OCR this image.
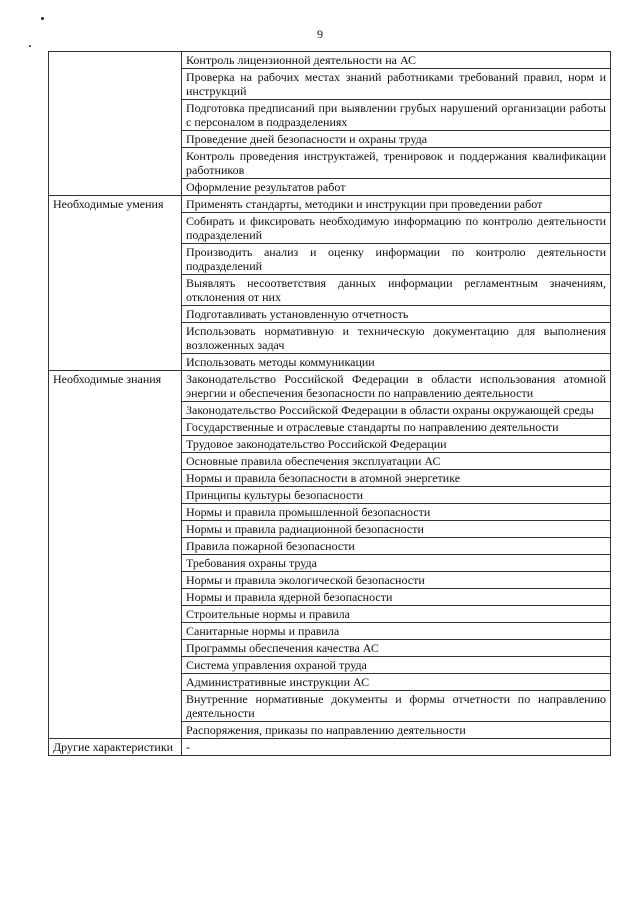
9
	Контроль лицензионной деятельности на АС
	Проверка на рабочих местах знаний работниками требований правил, норм и инструкций
	Подготовка предписаний при выявлении грубых нарушений организации работы с персоналом в подразделениях
	Проведение дней безопасности и охраны труда
	Контроль проведения инструктажей, тренировок и поддержания квалификации работников
	Оформление результатов работ
Необходимые умения	Применять стандарты, методики и инструкции при проведении работ
	Собирать и фиксировать необходимую информацию по контролю деятельности подразделений
	Производить анализ и оценку информации по контролю деятельности подразделений
	Выявлять несоответствия данных информации регламентным значениям, отклонения от них
	Подготавливать установленную отчетность
	Использовать нормативную и техническую документацию для выполнения возложенных задач
	Использовать методы коммуникации
Необходимые знания	Законодательство Российской Федерации в области использования атомной энергии и обеспечения безопасности по направлению деятельности
	Законодательство Российской Федерации в области охраны окружающей среды
	Государственные и отраслевые стандарты по направлению деятельности
	Трудовое законодательство Российской Федерации
	Основные правила обеспечения эксплуатации АС
	Нормы и правила безопасности в атомной энергетике
	Принципы культуры безопасности
	Нормы и правила промышленной безопасности
	Нормы и правила радиационной безопасности
	Правила пожарной безопасности
	Требования охраны труда
	Нормы и правила экологической безопасности
	Нормы и правила ядерной безопасности
	Строительные нормы и правила
	Санитарные нормы и правила
	Программы обеспечения качества АС
	Система управления охраной труда
	Административные инструкции АС
	Внутренние нормативные документы и формы отчетности по направлению деятельности
	Распоряжения, приказы по направлению деятельности
Другие характеристики	-
